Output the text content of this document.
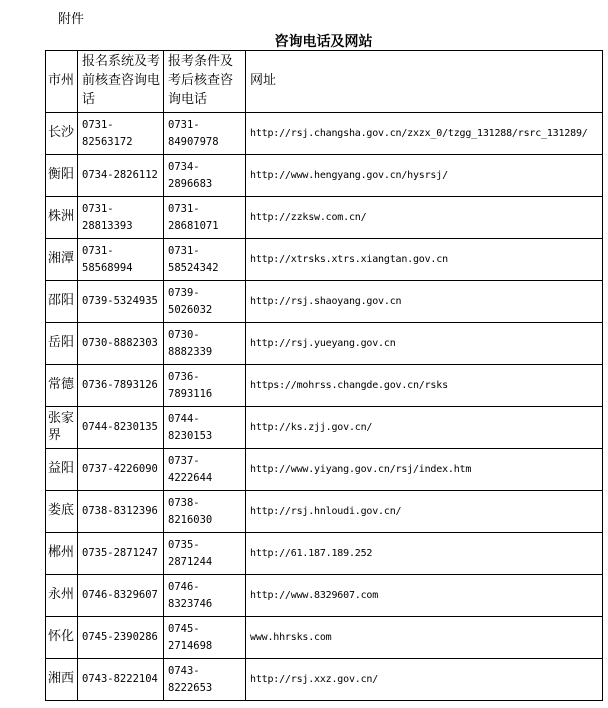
附件
咨询电话及网站
市州	报名系统及考前核查咨询电话	报考条件及考后核查咨询电话	网址
长沙	0731-82563172	0731-84907978	http://rsj.changsha.gov.cn/zxzx_0/tzgg_131288/rsrc_131289/
衡阳	0734-2826112	0734-2896683	http://www.hengyang.gov.cn/hysrsj/
株洲	0731-28813393	0731-28681071	http://zzksw.com.cn/
湘潭	0731-58568994	0731-58524342	http://xtrsks.xtrs.xiangtan.gov.cn
邵阳	0739-5324935	0739-5026032	http://rsj.shaoyang.gov.cn
岳阳	0730-8882303	0730-8882339	http://rsj.yueyang.gov.cn
常德	0736-7893126	0736-7893116	https://mohrss.changde.gov.cn/rsks
张家界	0744-8230135	0744-8230153	http://ks.zjj.gov.cn/
益阳	0737-4226090	0737-4222644	http://www.yiyang.gov.cn/rsj/index.htm
娄底	0738-8312396	0738-8216030	http://rsj.hnloudi.gov.cn/
郴州	0735-2871247	0735-2871244	http://61.187.189.252
永州	0746-8329607	0746-8323746	http://www.8329607.com
怀化	0745-2390286	0745-2714698	www.hhrsks.com
湘西	0743-8222104	0743-8222653	http://rsj.xxz.gov.cn/
